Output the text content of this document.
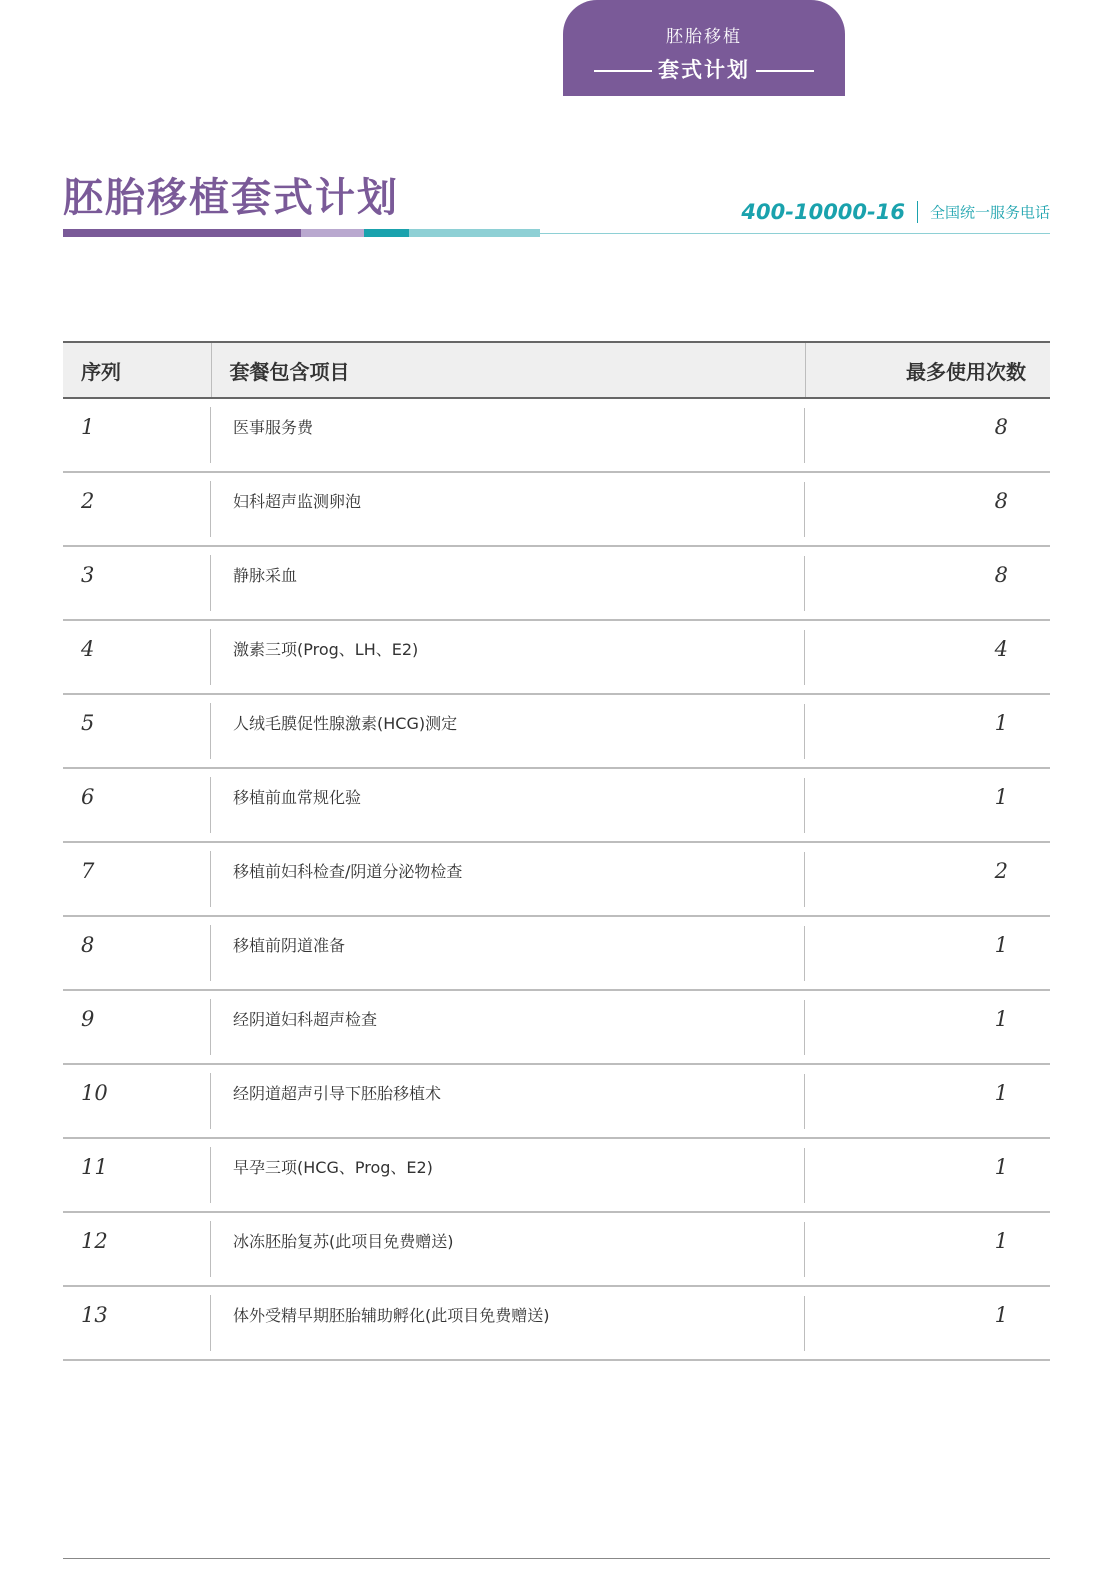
胚胎移植
套式计划
胚胎移植套式计划	400-10000-16 全国统一服务电话
序列	套餐包含项目	最多使用次数

1	医事服务费	8

2	妇科超声监测卵泡	8

3	静脉采血	8

4	激素三项(Prog、LH、E2)	4

5	人绒毛膜促性腺激素(HCG)测定	1

6	移植前血常规化验	1

7	移植前妇科检查/阴道分泌物检查	2

8	移植前阴道准备	1

9	经阴道妇科超声检查	1

10	经阴道超声引导下胚胎移植术	1

11	早孕三项(HCG、Prog、E2)	1

12	冰冻胚胎复苏(此项目免费赠送)	1

13	体外受精早期胚胎辅助孵化(此项目免费赠送)	1
